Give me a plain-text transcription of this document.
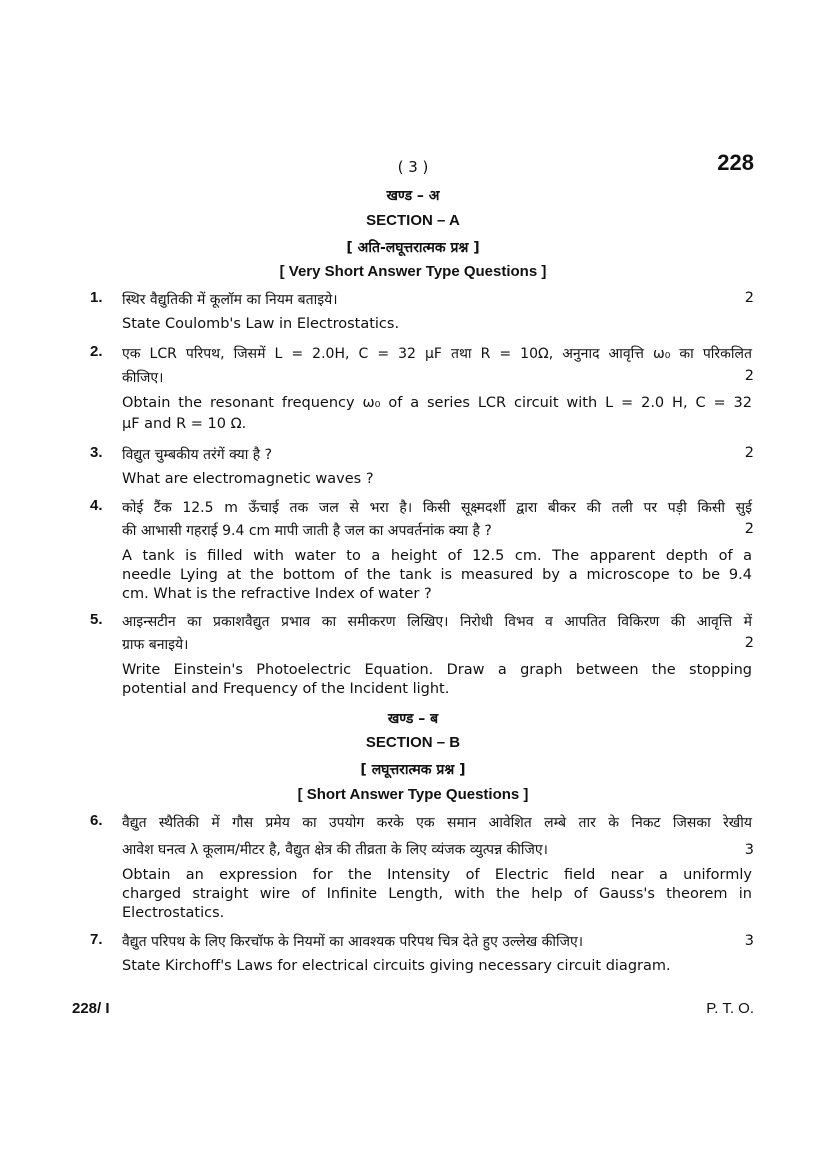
( 3 )	228
खण्ड – अ
SECTION – A
[ अति-लघूत्तरात्मक प्रश्न ]
[ Very Short Answer Type Questions ]
1. स्थिर वैद्युतिकी में कूलॉम का नियम बताइये।	2
State Coulomb's Law in Electrostatics.
2. एक LCR परिपथ, जिसमें L = 2.0H, C = 32 μF तथा R = 10Ω, अनुनाद आवृत्ति ω₀ का परिकलित
कीजिए।	2
Obtain the resonant frequency ω₀ of a series LCR circuit with L = 2.0 H, C = 32
μF and R = 10 Ω.
3. विद्युत चुम्बकीय तरंगें क्या है ?	2
What are electromagnetic waves ?
4. कोई टैंक 12.5 m ऊँचाई तक जल से भरा है। किसी सूक्ष्मदर्शी द्वारा बीकर की तली पर पड़ी किसी सुई
की आभासी गहराई 9.4 cm मापी जाती है जल का अपवर्तनांक क्या है ?	2
A tank is filled with water to a height of 12.5 cm. The apparent depth of a
needle Lying at the bottom of the tank is measured by a microscope to be 9.4
cm. What is the refractive Index of water ?
5. आइन्सटीन का प्रकाशवैद्युत प्रभाव का समीकरण लिखिए। निरोधी विभव व आपतित विकिरण की आवृत्ति में
ग्राफ बनाइये।	2
Write Einstein's Photoelectric Equation. Draw a graph between the stopping
potential and Frequency of the Incident light.
खण्ड – ब
SECTION – B
[ लघूत्तरात्मक प्रश्न ]
[ Short Answer Type Questions ]
6. वैद्युत स्थैतिकी में गौस प्रमेय का उपयोग करके एक समान आवेशित लम्बे तार के निकट जिसका रेखीय
आवेश घनत्व λ कूलाम/मीटर है, वैद्युत क्षेत्र की तीव्रता के लिए व्यंजक व्युत्पन्न कीजिए।	3
Obtain an expression for the Intensity of Electric field near a uniformly
charged straight wire of Infinite Length, with the help of Gauss's theorem in
Electrostatics.
7. वैद्युत परिपथ के लिए किरचॉफ के नियमों का आवश्यक परिपथ चित्र देते हुए उल्लेख कीजिए।	3
State Kirchoff's Laws for electrical circuits giving necessary circuit diagram.
228/ I	P. T. O.
